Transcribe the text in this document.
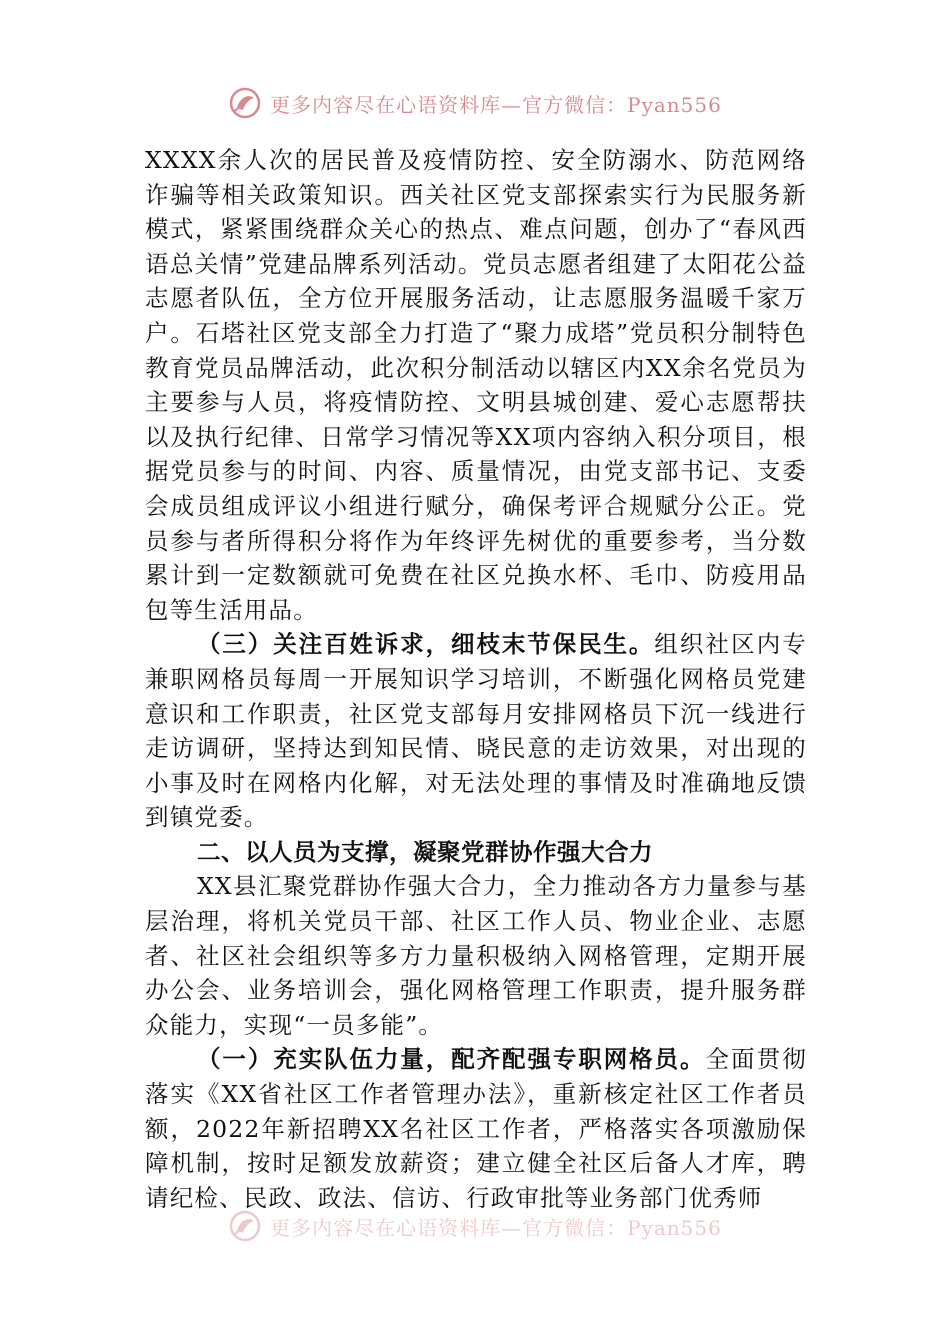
更多内容尽在心语资料库—官方微信：Pyan556

XXXX余人次的居民普及疫情防控、安全防溺水、防范网络诈骗等相关政策知识。西关社区党支部探索实行为民服务新模式，紧紧围绕群众关心的热点、难点问题，创办了“春风西语总关情”党建品牌系列活动。党员志愿者组建了太阳花公益志愿者队伍，全方位开展服务活动，让志愿服务温暖千家万户。石塔社区党支部全力打造了“聚力成塔”党员积分制特色教育党员品牌活动，此次积分制活动以辖区内XX余名党员为主要参与人员，将疫情防控、文明县城创建、爱心志愿帮扶以及执行纪律、日常学习情况等XX项内容纳入积分项目，根据党员参与的时间、内容、质量情况，由党支部书记、支委会成员组成评议小组进行赋分，确保考评合规赋分公正。党员参与者所得积分将作为年终评先树优的重要参考，当分数累计到一定数额就可免费在社区兑换水杯、毛巾、防疫用品包等生活用品。

（三）关注百姓诉求，细枝末节保民生。组织社区内专兼职网格员每周一开展知识学习培训，不断强化网格员党建意识和工作职责，社区党支部每月安排网格员下沉一线进行走访调研，坚持达到知民情、晓民意的走访效果，对出现的小事及时在网格内化解，对无法处理的事情及时准确地反馈到镇党委。

二、以人员为支撑，凝聚党群协作强大合力

XX县汇聚党群协作强大合力，全力推动各方力量参与基层治理，将机关党员干部、社区工作人员、物业企业、志愿者、社区社会组织等多方力量积极纳入网格管理，定期开展办公会、业务培训会，强化网格管理工作职责，提升服务群众能力，实现“一员多能”。

（一）充实队伍力量，配齐配强专职网格员。全面贯彻落实《XX省社区工作者管理办法》，重新核定社区工作者员额，2022年新招聘XX名社区工作者，严格落实各项激励保障机制，按时足额发放薪资；建立健全社区后备人才库，聘请纪检、民政、政法、信访、行政审批等业务部门优秀师

更多内容尽在心语资料库—官方微信：Pyan556
